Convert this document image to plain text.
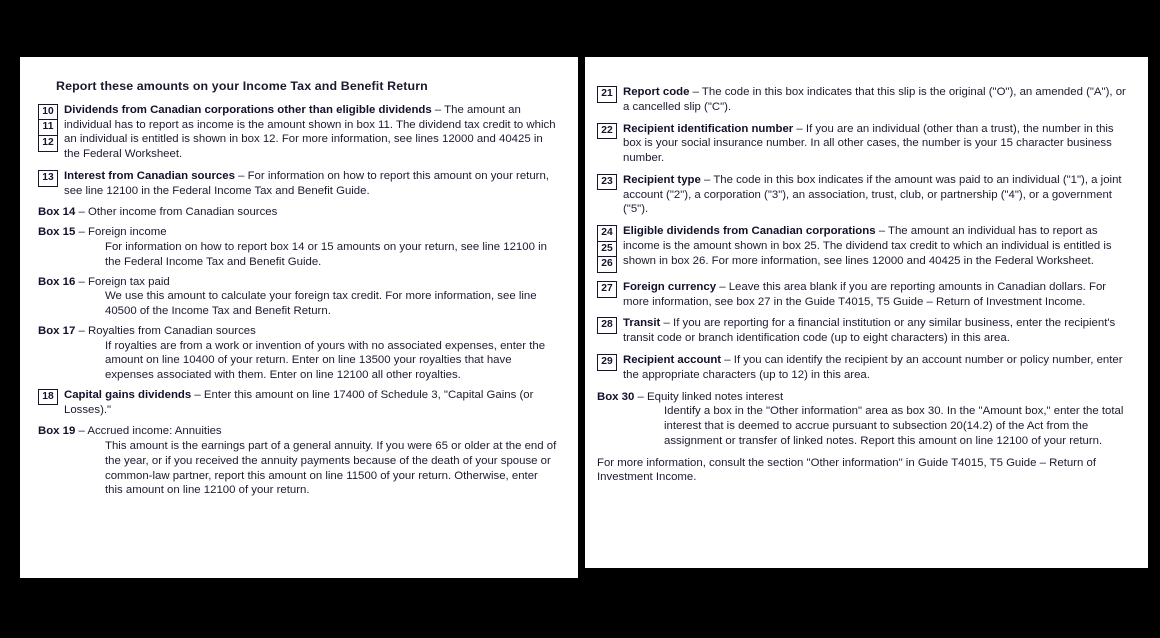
Report these amounts on your Income Tax and Benefit Return
10
11
12
Dividends from Canadian corporations other than eligible dividends – The amount an individual has to report as income is the amount shown in box 11. The dividend tax credit to which an individual is entitled is shown in box 12. For more information, see lines 12000 and 40425 in the Federal Worksheet.
13 Interest from Canadian sources – For information on how to report this amount on your return, see line 12100 in the Federal Income Tax and Benefit Guide.
Box 14 – Other income from Canadian sources
Box 15 – Foreign income
For information on how to report box 14 or 15 amounts on your return, see line 12100 in the Federal Income Tax and Benefit Guide.
Box 16 – Foreign tax paid
We use this amount to calculate your foreign tax credit. For more information, see line 40500 of the Income Tax and Benefit Return.
Box 17 – Royalties from Canadian sources
If royalties are from a work or invention of yours with no associated expenses, enter the amount on line 10400 of your return. Enter on line 13500 your royalties that have expenses associated with them. Enter on line 12100 all other royalties.
18 Capital gains dividends – Enter this amount on line 17400 of Schedule 3, "Capital Gains (or Losses)."
Box 19 – Accrued income: Annuities
This amount is the earnings part of a general annuity. If you were 65 or older at the end of the year, or if you received the annuity payments because of the death of your spouse or common-law partner, report this amount on line 11500 of your return. Otherwise, enter this amount on line 12100 of your return.
21 Report code – The code in this box indicates that this slip is the original ("O"), an amended ("A"), or a cancelled slip ("C").
22 Recipient identification number – If you are an individual (other than a trust), the number in this box is your social insurance number. In all other cases, the number is your 15 character business number.
23 Recipient type – The code in this box indicates if the amount was paid to an individual ("1"), a joint account ("2"), a corporation ("3"), an association, trust, club, or partnership ("4"), or a government ("5").
24
25
26
Eligible dividends from Canadian corporations – The amount an individual has to report as income is the amount shown in box 25. The dividend tax credit to which an individual is entitled is shown in box 26. For more information, see lines 12000 and 40425 in the Federal Worksheet.
27 Foreign currency – Leave this area blank if you are reporting amounts in Canadian dollars. For more information, see box 27 in the Guide T4015, T5 Guide – Return of Investment Income.
28 Transit – If you are reporting for a financial institution or any similar business, enter the recipient's transit code or branch identification code (up to eight characters) in this area.
29 Recipient account – If you can identify the recipient by an account number or policy number, enter the appropriate characters (up to 12) in this area.
Box 30 – Equity linked notes interest
Identify a box in the "Other information" area as box 30. In the "Amount box," enter the total interest that is deemed to accrue pursuant to subsection 20(14.2) of the Act from the assignment or transfer of linked notes. Report this amount on line 12100 of your return.
For more information, consult the section "Other information" in Guide T4015, T5 Guide – Return of Investment Income.
